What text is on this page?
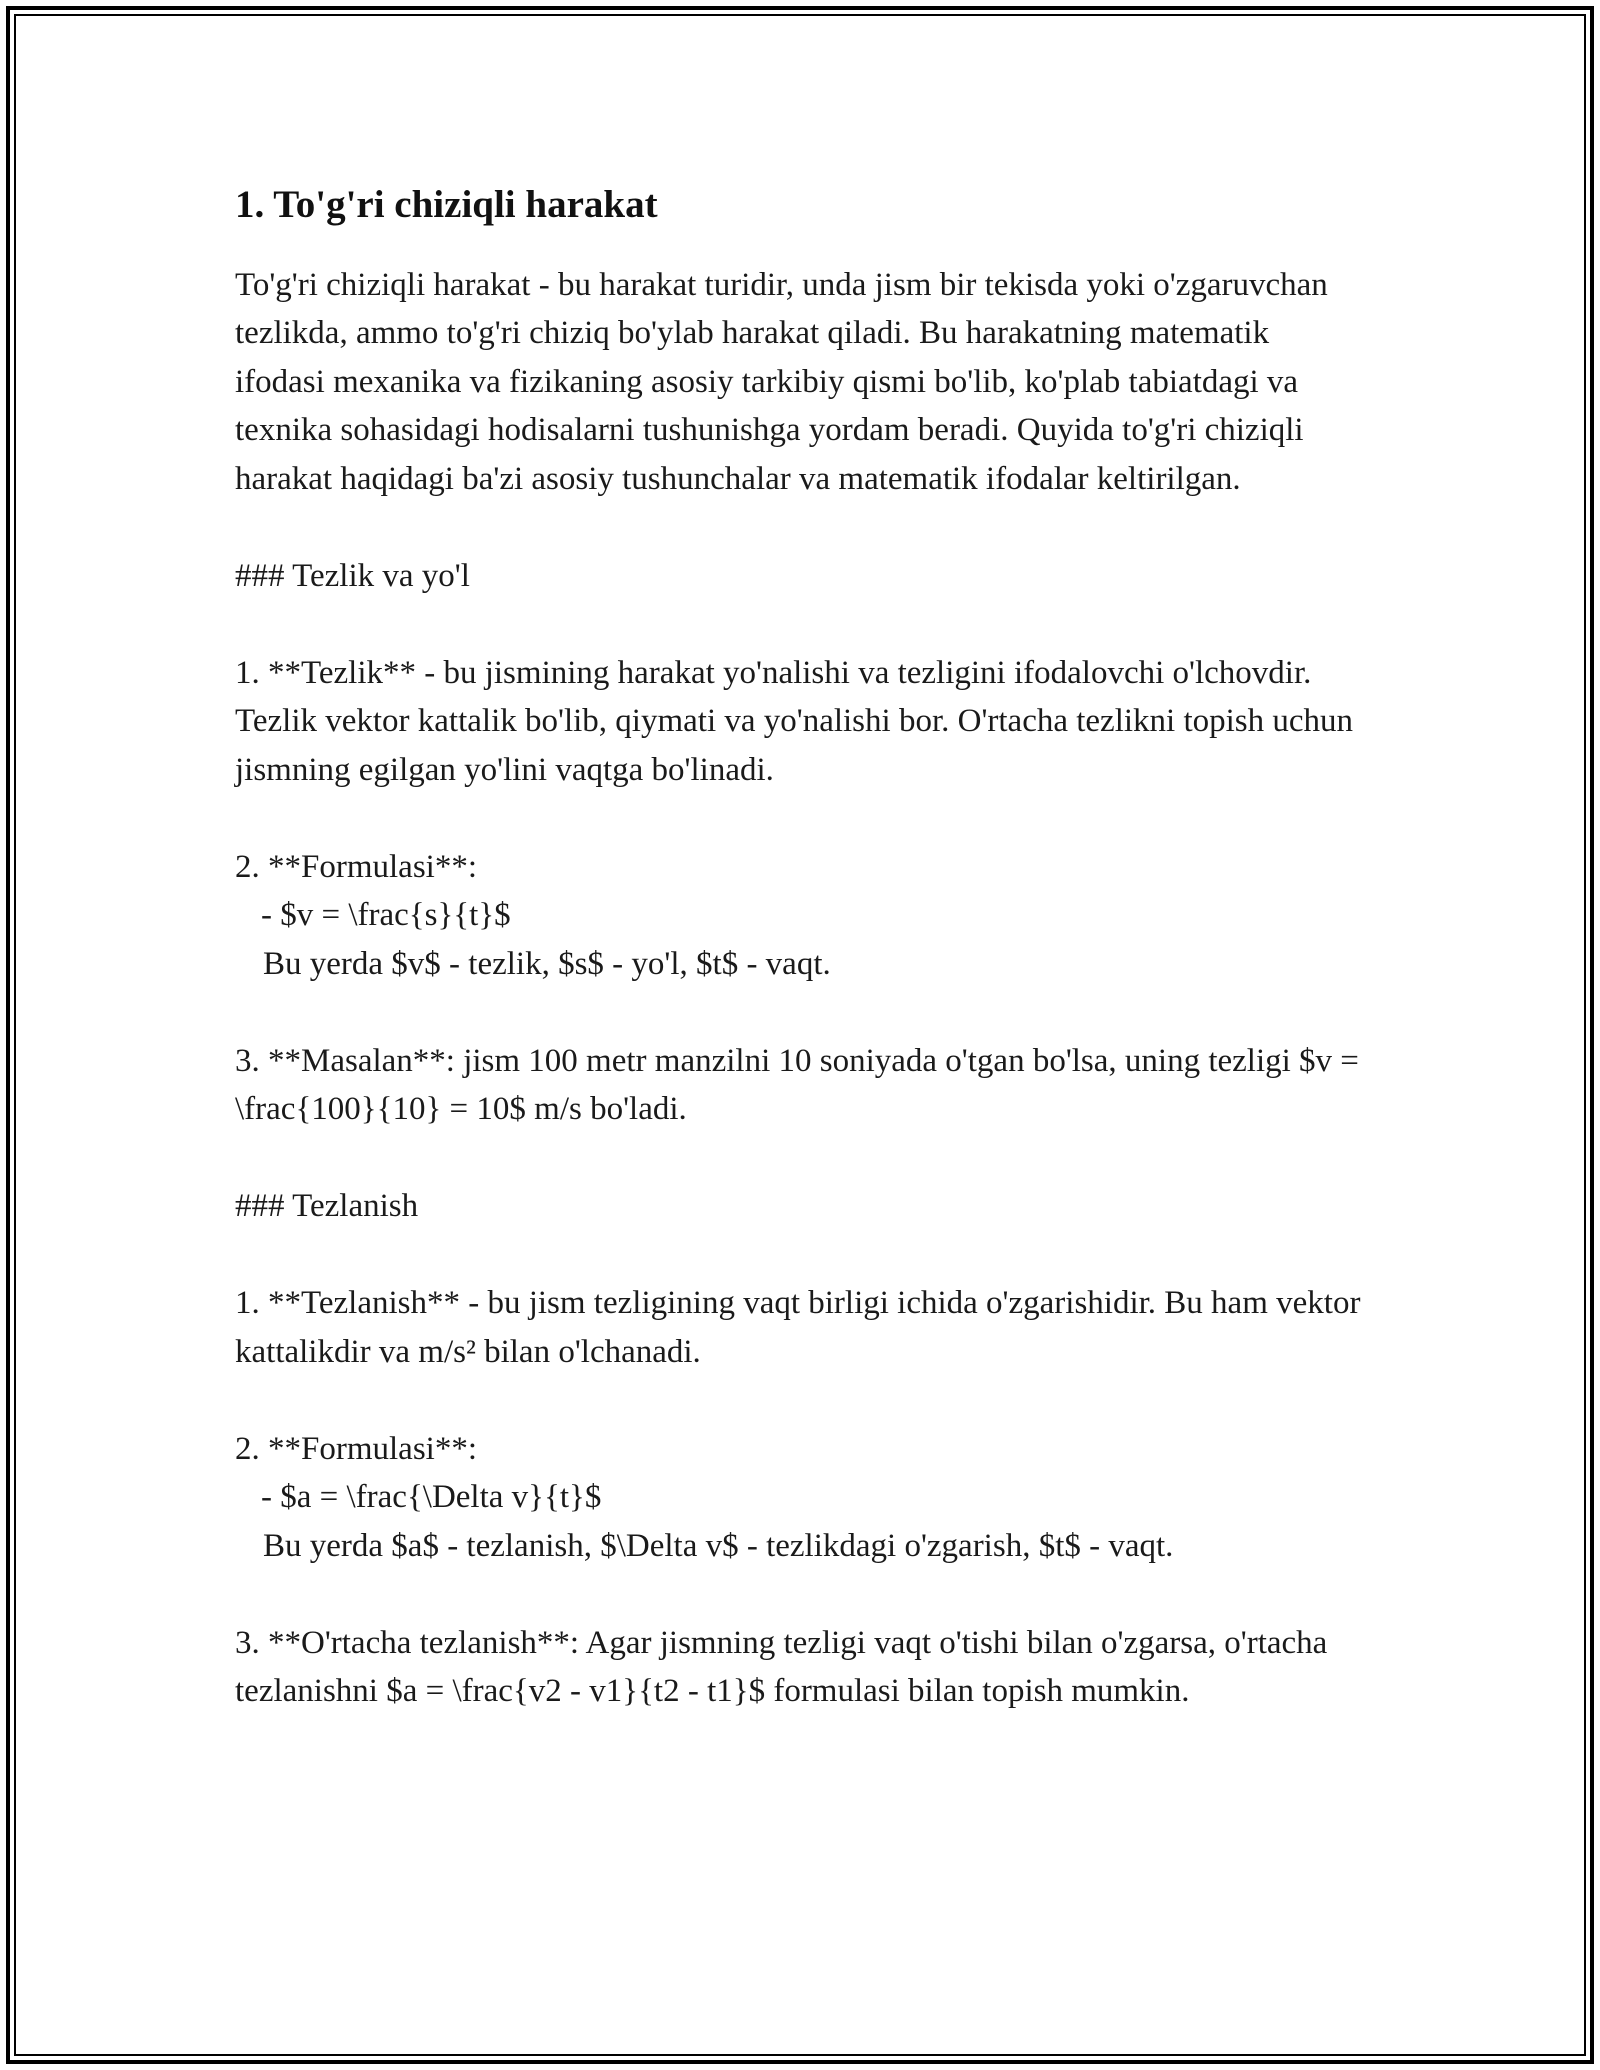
1. To'g'ri chiziqli harakat

To'g'ri chiziqli harakat - bu harakat turidir, unda jism bir tekisda yoki o'zgaruvchan tezlikda, ammo to'g'ri chiziq bo'ylab harakat qiladi. Bu harakatning matematik ifodasi mexanika va fizikaning asosiy tarkibiy qismi bo'lib, ko'plab tabiatdagi va texnika sohasidagi hodisalarni tushunishga yordam beradi. Quyida to'g'ri chiziqli harakat haqidagi ba'zi asosiy tushunchalar va matematik ifodalar keltirilgan.

### Tezlik va yo'l

1. **Tezlik** - bu jismining harakat yo'nalishi va tezligini ifodalovchi o'lchovdir. Tezlik vektor kattalik bo'lib, qiymati va yo'nalishi bor. O'rtacha tezlikni topish uchun jismning egilgan yo'lini vaqtga bo'linadi.

2. **Formulasi**:

- $v = \frac{s}{t}$

Bu yerda $v$ - tezlik, $s$ - yo'l, $t$ - vaqt.

3. **Masalan**: jism 100 metr manzilni 10 soniyada o'tgan bo'lsa, uning tezligi $v = \frac{100}{10} = 10$ m/s bo'ladi.

### Tezlanish

1. **Tezlanish** - bu jism tezligining vaqt birligi ichida o'zgarishidir. Bu ham vektor kattalikdir va m/s² bilan o'lchanadi.

2. **Formulasi**:

- $a = \frac{\Delta v}{t}$

Bu yerda $a$ - tezlanish, $\Delta v$ - tezlikdagi o'zgarish, $t$ - vaqt.

3. **O'rtacha tezlanish**: Agar jismning tezligi vaqt o'tishi bilan o'zgarsa, o'rtacha tezlanishni $a = \frac{v2 - v1}{t2 - t1}$ formulasi bilan topish mumkin.
